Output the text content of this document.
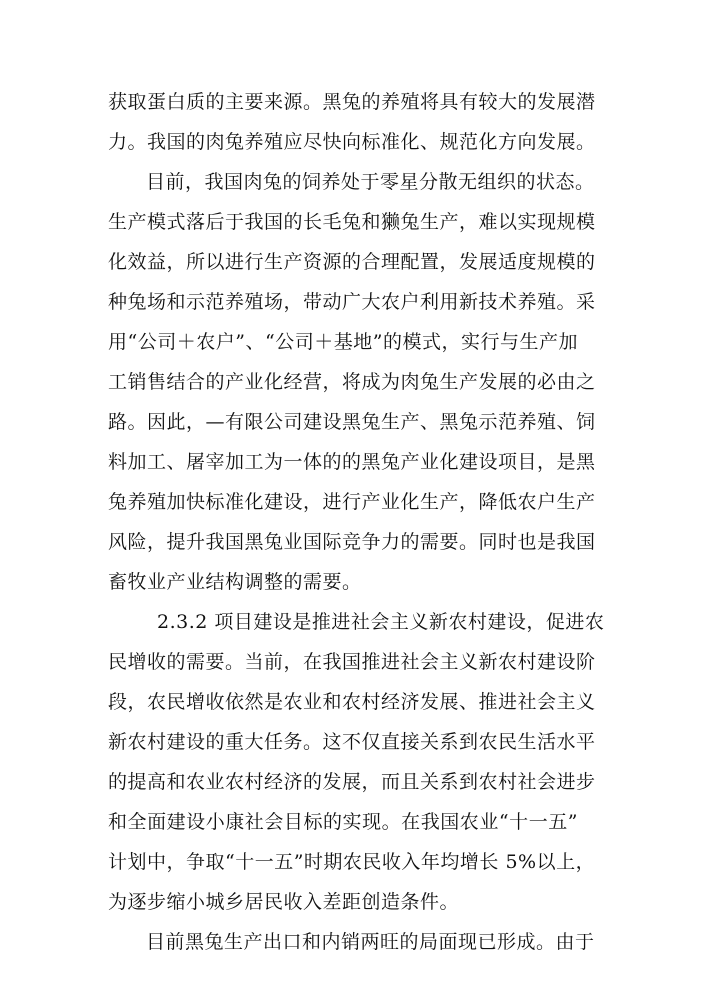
获取蛋白质的主要来源。黑兔的养殖将具有较大的发展潜
力。我国的肉兔养殖应尽快向标准化、规范化方向发展。
目前，我国肉兔的饲养处于零星分散无组织的状态。
生产模式落后于我国的长毛兔和獭兔生产，难以实现规模
化效益，所以进行生产资源的合理配置，发展适度规模的
种兔场和示范养殖场，带动广大农户利用新技术养殖。采
用“公司＋农户”、“公司＋基地”的模式，实行与生产加
工销售结合的产业化经营，将成为肉兔生产发展的必由之
路。因此，—有限公司建设黑兔生产、黑兔示范养殖、饲
料加工、屠宰加工为一体的的黑兔产业化建设项目，是黑
兔养殖加快标准化建设，进行产业化生产，降低农户生产
风险，提升我国黑兔业国际竞争力的需要。同时也是我国
畜牧业产业结构调整的需要。
2.3.2 项目建设是推进社会主义新农村建设，促进农
民增收的需要。当前，在我国推进社会主义新农村建设阶
段，农民增收依然是农业和农村经济发展、推进社会主义
新农村建设的重大任务。这不仅直接关系到农民生活水平
的提高和农业农村经济的发展，而且关系到农村社会进步
和全面建设小康社会目标的实现。在我国农业“十一五”
计划中，争取“十一五”时期农民收入年均增长 5%以上，
为逐步缩小城乡居民收入差距创造条件。
目前黑兔生产出口和内销两旺的局面现已形成。由于
